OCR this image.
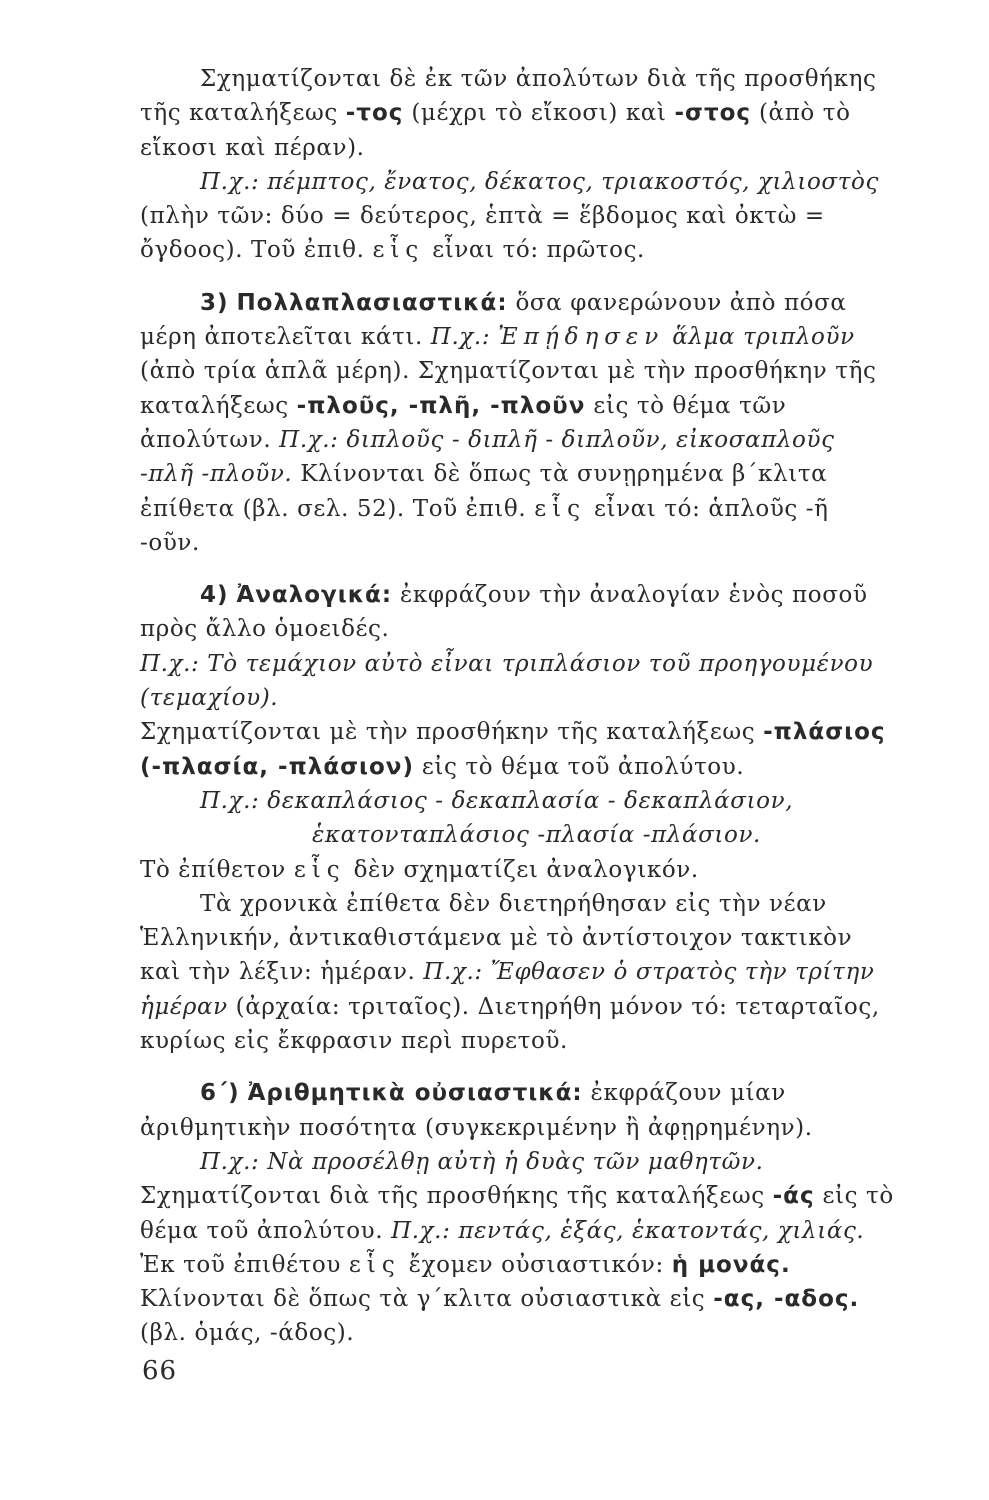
Σχηματίζονται δὲ ἐκ τῶν ἀπολύτων διὰ τῆς προσθήκης τῆς καταλήξεως -τος (μέχρι τὸ εἴκοσι) καὶ -στος (ἀπὸ τὸ εἴκοσι καὶ πέραν).

Π.χ.: πέμπτος, ἔνατος, δέκατος, τριακοστός, χιλιοστὸς (πλὴν τῶν: δύο = δεύτερος, ἑπτὰ = ἕβδομος καὶ ὀκτὼ = ὄγδοος). Τοῦ ἐπιθ. εἷς εἶναι τό: πρῶτος.

3) Πολλαπλασιαστικά: ὅσα φανερώνουν ἀπὸ πόσα μέρη ἀποτελεῖται κάτι. Π.χ.: Ἐπῄδησεν ἅλμα τριπλοῦν (ἀπὸ τρία ἁπλᾶ μέρη). Σχηματίζονται μὲ τὴν προσθήκην τῆς καταλήξεως -πλοῦς, -πλῆ, -πλοῦν εἰς τὸ θέμα τῶν ἀπολύτων. Π.χ.: διπλοῦς - διπλῆ - διπλοῦν, εἰκοσαπλοῦς -πλῆ -πλοῦν. Κλίνονται δὲ ὅπως τὰ συνῃρημένα β΄κλιτα ἐπίθετα (βλ. σελ. 52). Τοῦ ἐπιθ. εἷς εἶναι τό: ἁπλοῦς -ῆ -οῦν.

4) Ἀναλογικά: ἐκφράζουν τὴν ἀναλογίαν ἑνὸς ποσοῦ πρὸς ἄλλο ὁμοειδές.

Π.χ.: Τὸ τεμάχιον αὐτὸ εἶναι τριπλάσιον τοῦ προηγουμένου (τεμαχίου).

Σχηματίζονται μὲ τὴν προσθήκην τῆς καταλήξεως -πλάσιος (-πλασία, -πλάσιον) εἰς τὸ θέμα τοῦ ἀπολύτου.

Π.χ.: δεκαπλάσιος - δεκαπλασία - δεκαπλάσιον,

ἑκατονταπλάσιος -πλασία -πλάσιον.

Τὸ ἐπίθετον εἷς δὲν σχηματίζει ἀναλογικόν.

Τὰ χρονικὰ ἐπίθετα δὲν διετηρήθησαν εἰς τὴν νέαν Ἑλληνικήν, ἀντικαθιστάμενα μὲ τὸ ἀντίστοιχον τακτικὸν καὶ τὴν λέξιν: ἡμέραν. Π.χ.: Ἔφθασεν ὁ στρατὸς τὴν τρίτην ἡμέραν (ἀρχαία: τριταῖος). Διετηρήθη μόνον τό: τεταρταῖος, κυρίως εἰς ἔκφρασιν περὶ πυρετοῦ.

6΄) Ἀριθμητικὰ οὐσιαστικά: ἐκφράζουν μίαν ἀριθμητικὴν ποσότητα (συγκεκριμένην ἢ ἀφῃρημένην).

Π.χ.: Νὰ προσέλθῃ αὐτὴ ἡ δυὰς τῶν μαθητῶν.

Σχηματίζονται διὰ τῆς προσθήκης τῆς καταλήξεως -άς εἰς τὸ θέμα τοῦ ἀπολύτου. Π.χ.: πεντάς, ἑξάς, ἑκατοντάς, χιλιάς.

Ἐκ τοῦ ἐπιθέτου εἷς ἔχομεν οὐσιαστικόν: ἡ μονάς.

Κλίνονται δὲ ὅπως τὰ γ΄κλιτα οὐσιαστικὰ εἰς -ας, -αδος. (βλ. ὁμάς, -άδος).

66
